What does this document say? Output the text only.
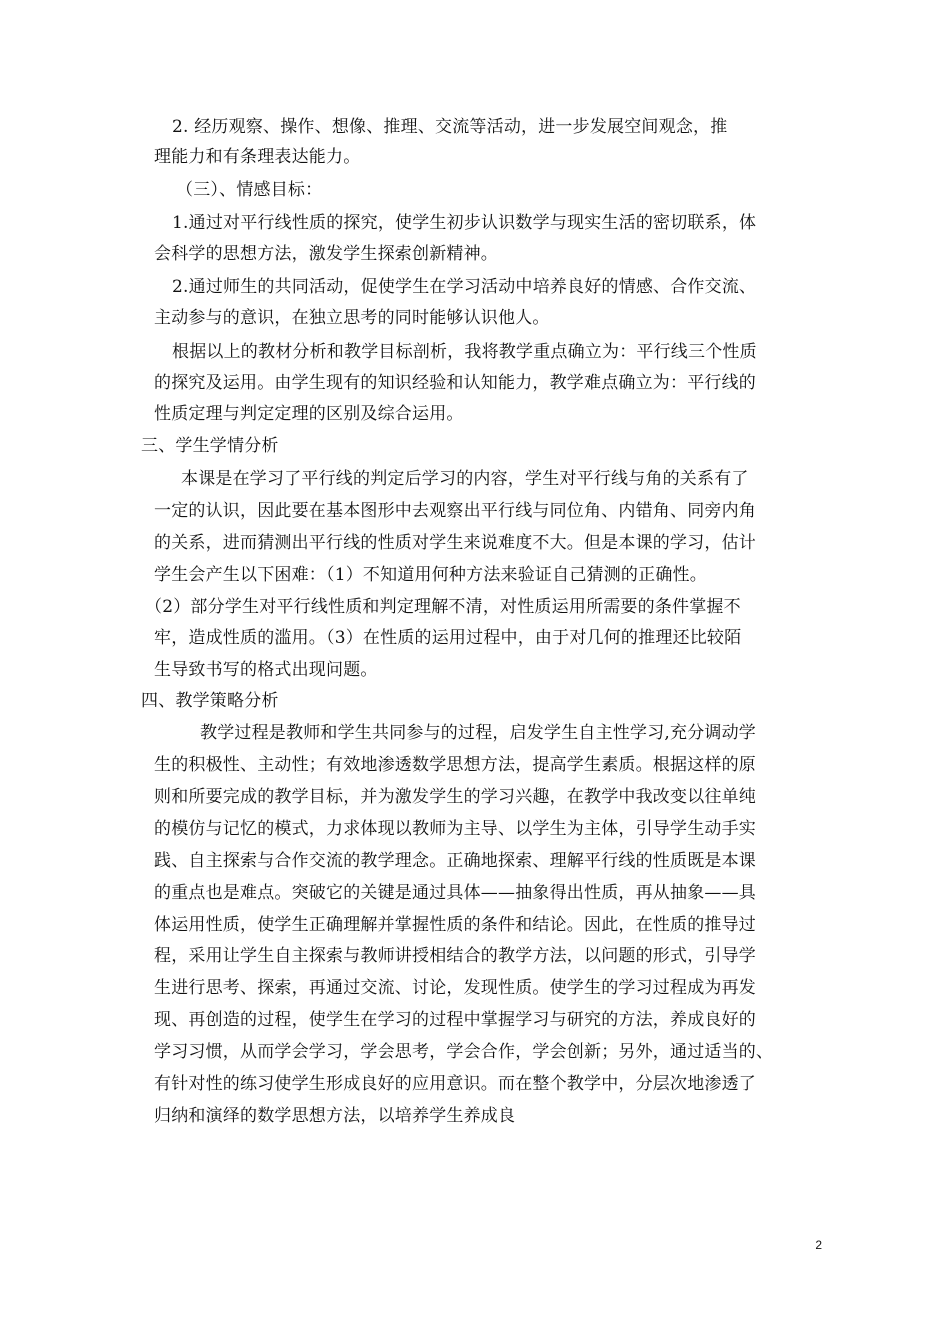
2. 经历观察、操作、想像、推理、交流等活动，进一步发展空间观念，推
理能力和有条理表达能力。
（三）、情感目标：
1.通过对平行线性质的探究，使学生初步认识数学与现实生活的密切联系，体
会科学的思想方法，激发学生探索创新精神。
2.通过师生的共同活动，促使学生在学习活动中培养良好的情感、合作交流、
主动参与的意识，在独立思考的同时能够认识他人。
根据以上的教材分析和教学目标剖析，我将教学重点确立为：平行线三个性质
的探究及运用。由学生现有的知识经验和认知能力，教学难点确立为：平行线的
性质定理与判定定理的区别及综合运用。
三、学生学情分析
本课是在学习了平行线的判定后学习的内容，学生对平行线与角的关系有了
一定的认识，因此要在基本图形中去观察出平行线与同位角、内错角、同旁内角
的关系，进而猜测出平行线的性质对学生来说难度不大。但是本课的学习，估计
学生会产生以下困难：（1）不知道用何种方法来验证自己猜测的正确性。
（2）部分学生对平行线性质和判定理解不清，对性质运用所需要的条件掌握不
牢，造成性质的滥用。（3）在性质的运用过程中，由于对几何的推理还比较陌
生导致书写的格式出现问题。
四、教学策略分析
教学过程是教师和学生共同参与的过程，启发学生自主性学习,充分调动学
生的积极性、主动性；有效地渗透数学思想方法，提高学生素质。根据这样的原
则和所要完成的教学目标，并为激发学生的学习兴趣，在教学中我改变以往单纯
的模仿与记忆的模式，力求体现以教师为主导、以学生为主体，引导学生动手实
践、自主探索与合作交流的教学理念。正确地探索、理解平行线的性质既是本课
的重点也是难点。突破它的关键是通过具体——抽象得出性质，再从抽象——具
体运用性质，使学生正确理解并掌握性质的条件和结论。因此，在性质的推导过
程，采用让学生自主探索与教师讲授相结合的教学方法，以问题的形式，引导学
生进行思考、探索，再通过交流、讨论，发现性质。使学生的学习过程成为再发
现、再创造的过程，使学生在学习的过程中掌握学习与研究的方法，养成良好的
学习习惯，从而学会学习，学会思考，学会合作，学会创新；另外，通过适当的、
有针对性的练习使学生形成良好的应用意识。而在整个教学中，分层次地渗透了
归纳和演绎的数学思想方法，以培养学生养成良
2
